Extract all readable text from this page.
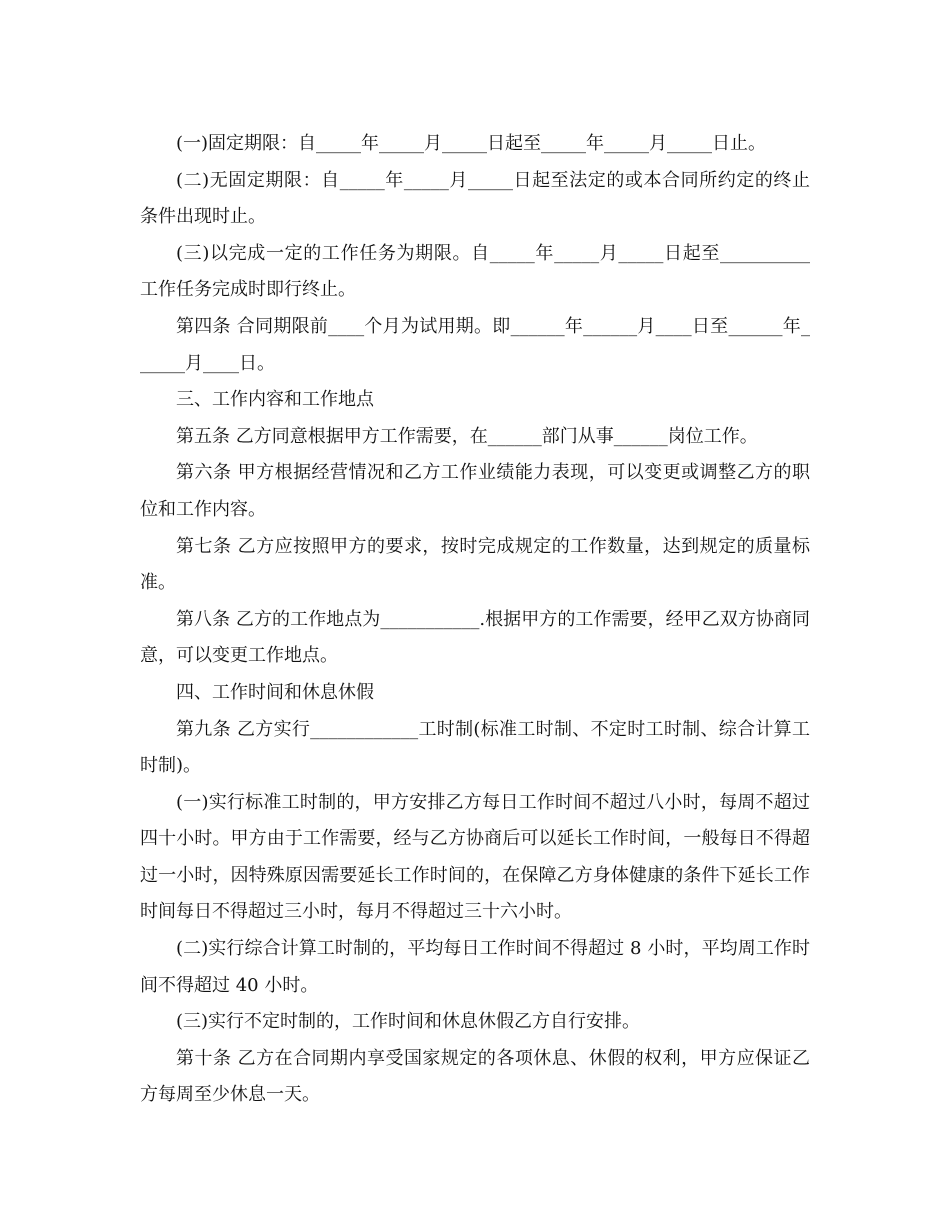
(一)固定期限：自_____年_____月_____日起至_____年_____月_____日止。

(二)无固定期限：自_____年_____月_____日起至法定的或本合同所约定的终止条件出现时止。

(三)以完成一定的工作任务为期限。自_____年_____月_____日起至__________工作任务完成时即行终止。

第四条 合同期限前____个月为试用期。即______年______月____日至______年______月____日。

三、工作内容和工作地点

第五条 乙方同意根据甲方工作需要，在______部门从事______岗位工作。

第六条 甲方根据经营情况和乙方工作业绩能力表现，可以变更或调整乙方的职位和工作内容。

第七条 乙方应按照甲方的要求，按时完成规定的工作数量，达到规定的质量标准。

第八条 乙方的工作地点为___________.根据甲方的工作需要，经甲乙双方协商同意，可以变更工作地点。

四、工作时间和休息休假

第九条 乙方实行____________工时制(标准工时制、不定时工时制、综合计算工时制)。

(一)实行标准工时制的，甲方安排乙方每日工作时间不超过八小时，每周不超过四十小时。甲方由于工作需要，经与乙方协商后可以延长工作时间，一般每日不得超过一小时，因特殊原因需要延长工作时间的，在保障乙方身体健康的条件下延长工作时间每日不得超过三小时，每月不得超过三十六小时。

(二)实行综合计算工时制的，平均每日工作时间不得超过 8 小时，平均周工作时间不得超过 40 小时。

(三)实行不定时制的，工作时间和休息休假乙方自行安排。

第十条 乙方在合同期内享受国家规定的各项休息、休假的权利，甲方应保证乙方每周至少休息一天。
